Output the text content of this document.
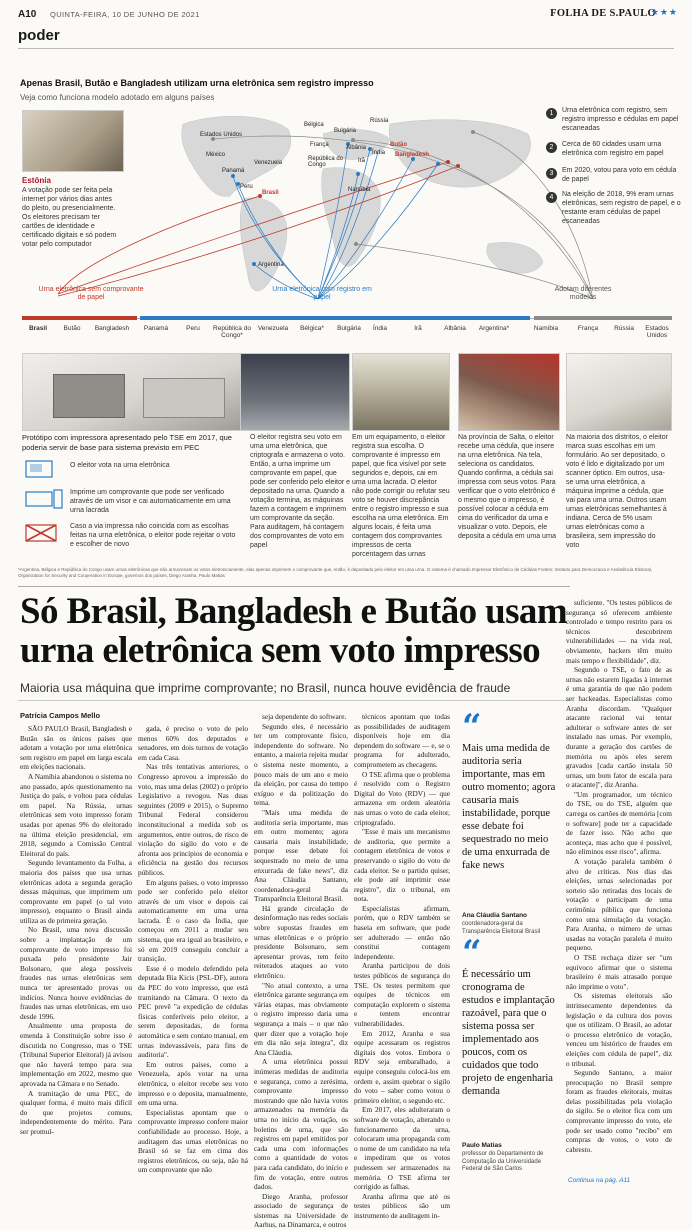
A10 QUINTA-FEIRA, 10 DE JUNHO DE 2021	FOLHA DE S.PAULO
★★★
poder
Apenas Brasil, Butão e Bangladesh utilizam urna eletrônica sem registro impresso
Veja como funciona modelo adotado em alguns países
Estados Unidos
México
Panamá
Venezuela
Peru
Brasil
Argentina
República do Congo
Namíbia
Bélgica
França
Bulgária
Albânia
Rússia
Irã
Índia
Butão
Bangladesh
Estônia
A votação pode ser feita pela internet por vários dias antes do pleito, ou presencialmente. Os eleitores precisam ter cartões de identidade e certificado digitais e só podem votar pelo computador
1	Urna eletrônica com registro, sem registro impresso e cédulas em papel escaneadas
2	Cerca de 60 cidades usam urna eletrônica com registro em papel
3	Em 2020, votou para voto em cédula de papel
4	Na eleição de 2018, 9% eram urnas eletrônicas, sem registro de papel, e o restante eram cédulas de papel escaneadas
Urna eletrônica sem comprovante de papel
Urna eletrônica com registro em papel
Adotam diferentes modelos
Brasil	Butão	Bangladesh	Panamá	Peru	República do Congo*
Venezuela	Bélgica*	Bulgária	Índia	Irã	Albânia	Argentina*	Namíbia	França	Rússia	Estados Unidos
Protótipo com impressora apresentado pelo TSE em 2017, que poderia servir de base para sistema previsto em PEC
O eleitor vota na urna eletrônica
Imprime um comprovante que pode ser verificado através de um visor e cai automaticamente em uma urna lacrada
Caso a via impressa não coincida com as escolhas feitas na urna eletrônica, o eleitor pode rejeitar o voto e escolher de novo
O eleitor registra seu voto em uma urna eletrônica, que criptografa e armazena o voto. Então, a urna imprime um comprovante em papel, que pode ser conferido pelo eleitor e depositado na urna. Quando a votação termina, as máquinas fazem a contagem e imprimem um comprovante da seção. Para auditagem, há contagem dos comprovantes de voto em papel
Em um equipamento, o eleitor registra sua escolha. O comprovante é impresso em papel, que fica visível por sete segundos e, depois, cai em uma urna lacrada. O eleitor não pode corrigir ou refutar seu voto se houver discrepância entre o registro impresso e sua escolha na urna eletrônica. Em alguns locais, é feita uma contagem dos comprovantes impressos de certa porcentagem das urnas
Na província de Salta, o eleitor recebe uma cédula, que insere na urna eletrônica. Na tela, seleciona os candidatos. Quando confirma, a cédula sai impressa com seus votos. Para verificar que o voto eletrônico é o mesmo que o impresso, é possível colocar a cédula em cima do verificador da urna e visualizar o voto. Depois, ele deposita a cédula em uma urna
Na maioria dos distritos, o eleitor marca suas escolhas em um formulário. Ao ser depositado, o voto é lido e digitalizado por um scanner óptico. Em outros, usa-se uma urna eletrônica, a máquina imprime a cédula, que vai para uma urna. Outros usam urnas eletrônicas semelhantes à indiana. Cerca de 5% usam urnas eletrônicas como a brasileira, sem impressão do voto
*Argentina, Bélgica e República do Congo usam urnas eletrônicas que não armazenam os votos eletronicamente, elas apenas imprimem o comprovante que, então, é depositado pelo eleitor em uma urna. O sistema é chamado Impressor Eletrônico de Cédulas Fontes: Instituto para Democracia e Assistência Eleitoral, Organization for Security and Cooperation in Europe, governos dos países, Diego Aranha, Paulo Matias
Só Brasil, Bangladesh e Butão usam urna eletrônica sem voto impresso
Maioria usa máquina que imprime comprovante; no Brasil, nunca houve evidência de fraude
Patrícia Campos Mello

SÃO PAULO Brasil, Bangladesh e Butão são os únicos países que adotam a votação por urna eletrônica sem registro em papel em larga escala em eleições nacionais.

A Namíbia abandonou o sistema no ano passado, após questionamento na Justiça do país, e voltou para cédulas em papel. Na Rússia, urnas eletrônicas sem voto impresso foram usadas por apenas 9% do eleitorado na última eleição presidencial, em 2018, segundo a Comissão Central Eleitoral do país.

Segundo levantamento da Folha, a maioria dos países que usa urnas eletrônicas adota a segunda geração dessas máquinas, que imprimem um comprovante em papel (o tal voto impresso), enquanto o Brasil ainda utiliza as de primeira geração.

No Brasil, uma nova discussão sobre a implantação de um comprovante de voto impresso foi puxada pelo presidente Jair Bolsonaro, que alega possíveis fraudes nas urnas eletrônicas sem nunca ter apresentado provas ou indícios. Nunca houve evidências de fraudes nas urnas eletrônicas, em uso desde 1996.

Atualmente uma proposta de emenda à Constituição sobre isso é discutida no Congresso, mas o TSE (Tribunal Superior Eleitoral) já avisou que não haverá tempo para sua implementação em 2022, mesmo que aprovada na Câmara e no Senado.

A tramitação de uma PEC, de qualquer forma, é muito mais difícil do que projetos comuns, independentemente do mérito. Para ser promul-

gada, é preciso o voto de pelo menos 60% dos deputados e senadores, em dois turnos de votação em cada Casa.

Nas três tentativas anteriores, o Congresso aprovou a impressão do voto, mas uma delas (2002) o próprio Legislativo a revogou. Nas duas seguintes (2009 e 2015), o Supremo Tribunal Federal considerou inconstitucional a medida sob os argumentos, entre outros, de risco de violação do sigilo do voto e de afronta aos princípios de economia e eficiência na gestão dos recursos públicos.

Em alguns países, o voto impresso pode ser conferido pelo eleitor através de um visor e depois cai automaticamente em uma urna lacrada. É o caso da Índia, que começou em 2011 a mudar seu sistema, que era igual ao brasileiro, e só em 2019 conseguiu concluir a transição.

Esse é o modelo defendido pela deputada Bia Kicis (PSL-DF), autora da PEC do voto impresso, que está tramitando na Câmara. O texto da PEC prevê "a expedição de cédulas físicas conferíveis pelo eleitor, a serem depositadas, de forma automática e sem contato manual, em urnas indevassáveis, para fins de auditoria".

Em outros países, como a Venezuela, após votar na urna eletrônica, o eleitor recebe seu voto impresso e o deposita, manualmente, em uma urna.

Especialistas apontam que o comprovante impresso confere maior confiabilidade ao processo. Hoje, a auditagem das urnas eletrônicas no Brasil só se faz em cima dos registros eletrônicos, ou seja, não há um comprovante que não

seja dependente do software.

Segundo eles, é necessário ter um comprovante físico, independente do software. No entanto, a maioria rejeita mudar o sistema neste momento, a pouco mais de um ano e meio da eleição, por causa do tempo exíguo e da politização do tema.

"Mais uma medida de auditoria seria importante, mas em outro momento; agora causaria mais instabilidade, porque esse debate foi sequestrado no meio de uma enxurrada de fake news", diz Ana Cláudia Santano, coordenadora-geral da Transparência Eleitoral Brasil.

Há grande circulação de desinformação nas redes sociais sobre supostas fraudes em urnas eletrônicas e o próprio presidente Bolsonaro, sem apresentar provas, tem feito reiterados ataques ao voto eletrônico.

"No atual contexto, a urna eletrônica garante segurança em várias etapas, mas obviamente o registro impresso daria uma segurança a mais – o que não quer dizer que a votação hoje em dia não seja íntegra", diz Ana Cláudia.

A urna eletrônica possui inúmeras medidas de auditoria e segurança, como a zerésima, comprovante impresso mostrando que não havia votos armazenados na memória da urna no início da votação, os boletins de urna, que são registros em papel emitidos por cada uma com informações como a quantidade de votos para cada candidato, do início e fim de votação, entre outros dados.

Diego Aranha, professor associado de segurança de sistemas na Universidade de Aarhus, na Dinamarca, e outros

técnicos apontam que todas as possibilidades de auditagem disponíveis hoje em dia dependem do software — e, se o programa for adulterado, comprometem as checagens.

O TSE afirma que o problema é resolvido com o Registro Digital do Voto (RDV) — que armazena em ordem aleatória nas urnas o voto de cada eleitor, criptografado.

"Esse é mais um mecanismo de auditoria, que permite a contagem eletrônica de votos e preservando o sigilo do voto de cada eleitor. Se o partido quiser, ele pode até imprimir esse registro", diz o tribunal, em nota.

Especialistas afirmam, porém, que o RDV também se baseia em software, que pode ser adulterado — então não constitui contagem independente.

Aranha participou de dois testes públicos de segurança do TSE. Os testes permitem que equipes de técnicos em computação explorem o sistema e tentem encontrar vulnerabilidades.

Em 2012, Aranha e sua equipe acessaram os registros digitais dos votos. Embora o RDV seja embaralhado, a equipe conseguiu colocá-los em ordem e, assim quebrar o sigilo do voto – saber como votou o primeiro eleitor, o segundo etc.

Em 2017, eles adulteraram o software de votação, alterando o funcionamento da urna, colocaram uma propaganda com o nome de um candidato na tela e impediram que os votos pudessem ser armazenados na memória. O TSE afirma ter corrigido as falhas.

Aranha afirma que até os testes públicos são um instrumento de auditagem in-

“
Mais uma medida de auditoria seria importante, mas em outro momento; agora causaria mais instabilidade, porque esse debate foi sequestrado no meio de uma enxurrada de fake news
Ana Cláudia Santano
coordenadora-geral da Transparência Eleitoral Brasil
“
É necessário um cronograma de estudos e implantação razoável, para que o sistema possa ser implementado aos poucos, com os cuidados que todo projeto de engenharia demanda
Paulo Matias
professor do Departamento de Computação da Universidade Federal de São Carlos

suficiente. "Os testes públicos de segurança só oferecem ambiente controlado e tempo restrito para os técnicos descobrirem vulnerabilidades — na vida real, obviamente, hackers têm muito mais tempo e flexibilidade", diz.

Segundo o TSE, o fato de as urnas não estarem ligadas à internet é uma garantia de que não podem ser hackeadas. Especialistas como Aranha discordam. "Qualquer atacante racional vai tentar adulterar o software antes de ser instalado nas urnas. Por exemplo, durante a geração dos cartões de memória ou após eles serem gravados [cada cartão instala 50 urnas, um bom fator de escala para o atacante]", diz Aranha.

"Um programador, um técnico do TSE, ou do TSE, alguém que carrega os cartões de memória [com o software] pode ter a capacidade de fazer isso. Não acho que aconteça, mas acho que é possível, não eliminos esse risco", afirma.

A votação paralela também é alvo de críticas. Nos dias das eleições, urnas selecionadas por sorteio são retiradas dos locais de votação e participam de uma cerimônia pública que funciona como uma simulação da votação. Para Aranha, o número de urnas usadas na votação paralela é muito pequeno.

O TSE rechaça dizer ser "um equívoco afirmar que o sistema brasileiro é mais atrasado porque não imprime o voto".

Os sistemas eleitorais são intrinsecamente dependentes da legislação e da cultura dos povos que os utilizam. O Brasil, ao adotar o processo eletrônico de votação, venceu um histórico de fraudes em eleições com cédula de papel", diz o tribunal.

Segundo Santano, a maior preocupação no Brasil sempre foram as fraudes eleitorais, muitas delas possibilitadas pela violação do sigilo. Se o eleitor fica com um comprovante impresso do voto, ele pode ser usado como "recibo" em compras de votos, o voto de cabresto.

Continua na pág. A11
